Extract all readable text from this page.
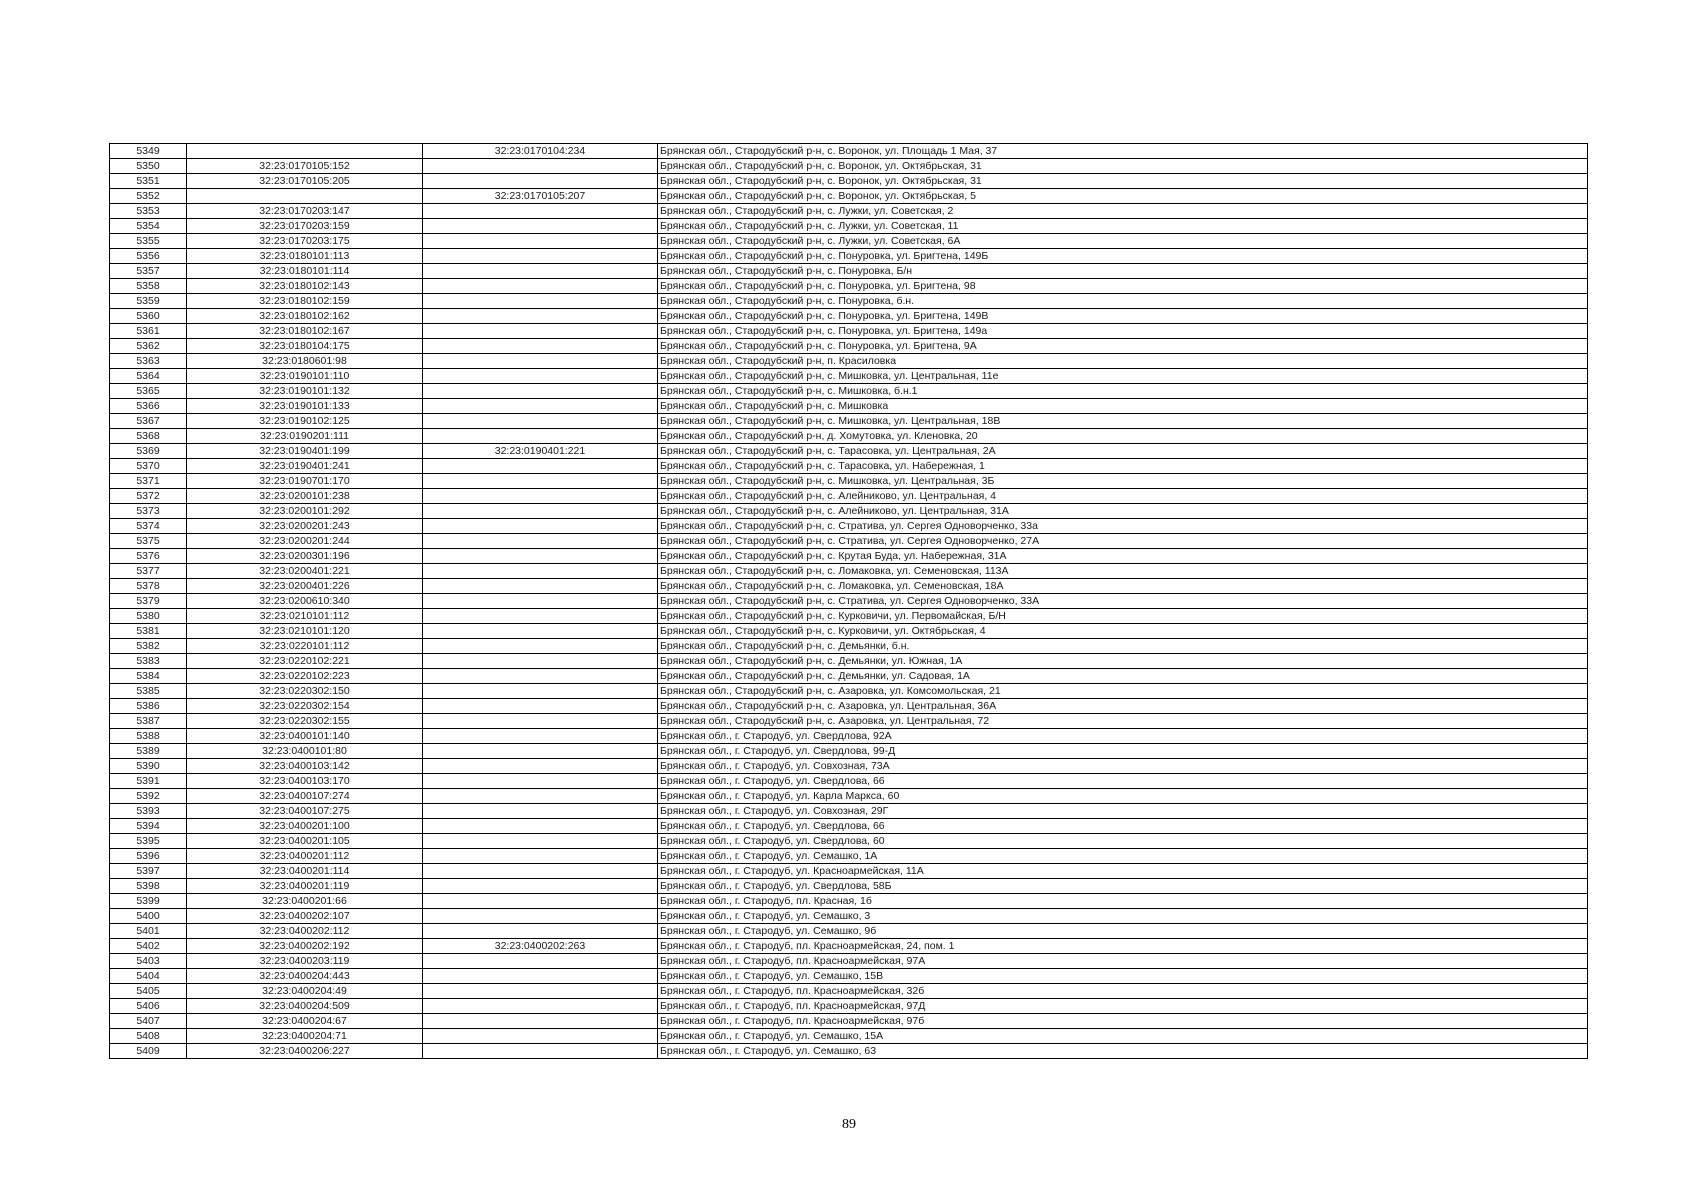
5349		32:23:0170104:234	Брянская обл., Стародубский р-н, с. Воронок, ул. Площадь 1 Мая, 37
5350	32:23:0170105:152		Брянская обл., Стародубский р-н, с. Воронок, ул. Октябрьская, 31
5351	32:23:0170105:205		Брянская обл., Стародубский р-н, с. Воронок, ул. Октябрьская, 31
5352		32:23:0170105:207	Брянская обл., Стародубский р-н, с. Воронок, ул. Октябрьская, 5
5353	32:23:0170203:147		Брянская обл., Стародубский р-н, с. Лужки, ул. Советская, 2
5354	32:23:0170203:159		Брянская обл., Стародубский р-н, с. Лужки, ул. Советская, 11
5355	32:23:0170203:175		Брянская обл., Стародубский р-н, с. Лужки, ул. Советская, 6А
5356	32:23:0180101:113		Брянская обл., Стародубский р-н, с. Понуровка, ул. Бригтена, 149Б
5357	32:23:0180101:114		Брянская обл., Стародубский р-н, с. Понуровка, Б/н
5358	32:23:0180102:143		Брянская обл., Стародубский р-н, с. Понуровка, ул. Бригтена, 98
5359	32:23:0180102:159		Брянская обл., Стародубский р-н, с. Понуровка, б.н.
5360	32:23:0180102:162		Брянская обл., Стародубский р-н, с. Понуровка, ул. Бригтена, 149В
5361	32:23:0180102:167		Брянская обл., Стародубский р-н, с. Понуровка, ул. Бригтена, 149а
5362	32:23:0180104:175		Брянская обл., Стародубский р-н, с. Понуровка, ул. Бригтена, 9А
5363	32:23:0180601:98		Брянская обл., Стародубский р-н, п. Красиловка
5364	32:23:0190101:110		Брянская обл., Стародубский р-н, с. Мишковка, ул. Центральная, 11е
5365	32:23:0190101:132		Брянская обл., Стародубский р-н, с. Мишковка, б.н.1
5366	32:23:0190101:133		Брянская обл., Стародубский р-н, с. Мишковка
5367	32:23:0190102:125		Брянская обл., Стародубский р-н, с. Мишковка, ул. Центральная, 18В
5368	32:23:0190201:111		Брянская обл., Стародубский р-н, д. Хомутовка, ул. Кленовка, 20
5369	32:23:0190401:199	32:23:0190401:221	Брянская обл., Стародубский р-н, с. Тарасовка, ул. Центральная, 2А
5370	32:23:0190401:241		Брянская обл., Стародубский р-н, с. Тарасовка, ул. Набережная, 1
5371	32:23:0190701:170		Брянская обл., Стародубский р-н, с. Мишковка, ул. Центральная, 3Б
5372	32:23:0200101:238		Брянская обл., Стародубский р-н, с. Алейниково, ул. Центральная, 4
5373	32:23:0200101:292		Брянская обл., Стародубский р-н, с. Алейниково, ул. Центральная, 31А
5374	32:23:0200201:243		Брянская обл., Стародубский р-н, с. Стратива, ул. Сергея Одноворченко, 33а
5375	32:23:0200201:244		Брянская обл., Стародубский р-н, с. Стратива, ул. Сергея Одноворченко, 27А
5376	32:23:0200301:196		Брянская обл., Стародубский р-н, с. Крутая Буда, ул. Набережная, 31А
5377	32:23:0200401:221		Брянская обл., Стародубский р-н, с. Ломаковка, ул. Семеновская, 113А
5378	32:23:0200401:226		Брянская обл., Стародубский р-н, с. Ломаковка, ул. Семеновская, 18А
5379	32:23:0200610:340		Брянская обл., Стародубский р-н, с. Стратива, ул. Сергея Одноворченко, 33А
5380	32:23:0210101:112		Брянская обл., Стародубский р-н, с. Курковичи, ул. Первомайская, Б/Н
5381	32:23:0210101:120		Брянская обл., Стародубский р-н, с. Курковичи, ул. Октябрьская, 4
5382	32:23:0220101:112		Брянская обл., Стародубский р-н, с. Демьянки, б.н.
5383	32:23:0220102:221		Брянская обл., Стародубский р-н, с. Демьянки, ул. Южная, 1А
5384	32:23:0220102:223		Брянская обл., Стародубский р-н, с. Демьянки, ул. Садовая, 1А
5385	32:23:0220302:150		Брянская обл., Стародубский р-н, с. Азаровка, ул. Комсомольская, 21
5386	32:23:0220302:154		Брянская обл., Стародубский р-н, с. Азаровка, ул. Центральная, 36А
5387	32:23:0220302:155		Брянская обл., Стародубский р-н, с. Азаровка, ул. Центральная, 72
5388	32:23:0400101:140		Брянская обл., г. Стародуб, ул. Свердлова, 92А
5389	32:23:0400101:80		Брянская обл., г. Стародуб, ул. Свердлова, 99-Д
5390	32:23:0400103:142		Брянская обл., г. Стародуб, ул. Совхозная, 73А
5391	32:23:0400103:170		Брянская обл., г. Стародуб, ул. Свердлова, 66
5392	32:23:0400107:274		Брянская обл., г. Стародуб, ул. Карла Маркса, 60
5393	32:23:0400107:275		Брянская обл., г. Стародуб, ул. Совхозная, 29Г
5394	32:23:0400201:100		Брянская обл., г. Стародуб, ул. Свердлова, 66
5395	32:23:0400201:105		Брянская обл., г. Стародуб, ул. Свердлова, 60
5396	32:23:0400201:112		Брянская обл., г. Стародуб, ул. Семашко, 1А
5397	32:23:0400201:114		Брянская обл., г. Стародуб, ул. Красноармейская, 11А
5398	32:23:0400201:119		Брянская обл., г. Стародуб, ул. Свердлова, 58Б
5399	32:23:0400201:66		Брянская обл., г. Стародуб, пл. Красная, 1б
5400	32:23:0400202:107		Брянская обл., г. Стародуб, ул. Семашко, 3
5401	32:23:0400202:112		Брянская обл., г. Стародуб, ул. Семашко, 9б
5402	32:23:0400202:192	32:23:0400202:263	Брянская обл., г. Стародуб, пл. Красноармейская, 24, пом. 1
5403	32:23:0400203:119		Брянская обл., г. Стародуб, пл. Красноармейская, 97А
5404	32:23:0400204:443		Брянская обл., г. Стародуб, ул. Семашко, 15В
5405	32:23:0400204:49		Брянская обл., г. Стародуб, пл. Красноармейская, 32б
5406	32:23:0400204:509		Брянская обл., г. Стародуб, пл. Красноармейская, 97Д
5407	32:23:0400204:67		Брянская обл., г. Стародуб, пл. Красноармейская, 97б
5408	32:23:0400204:71		Брянская обл., г. Стародуб, ул. Семашко, 15А
5409	32:23:0400206:227		Брянская обл., г. Стародуб, ул. Семашко, 63
89
